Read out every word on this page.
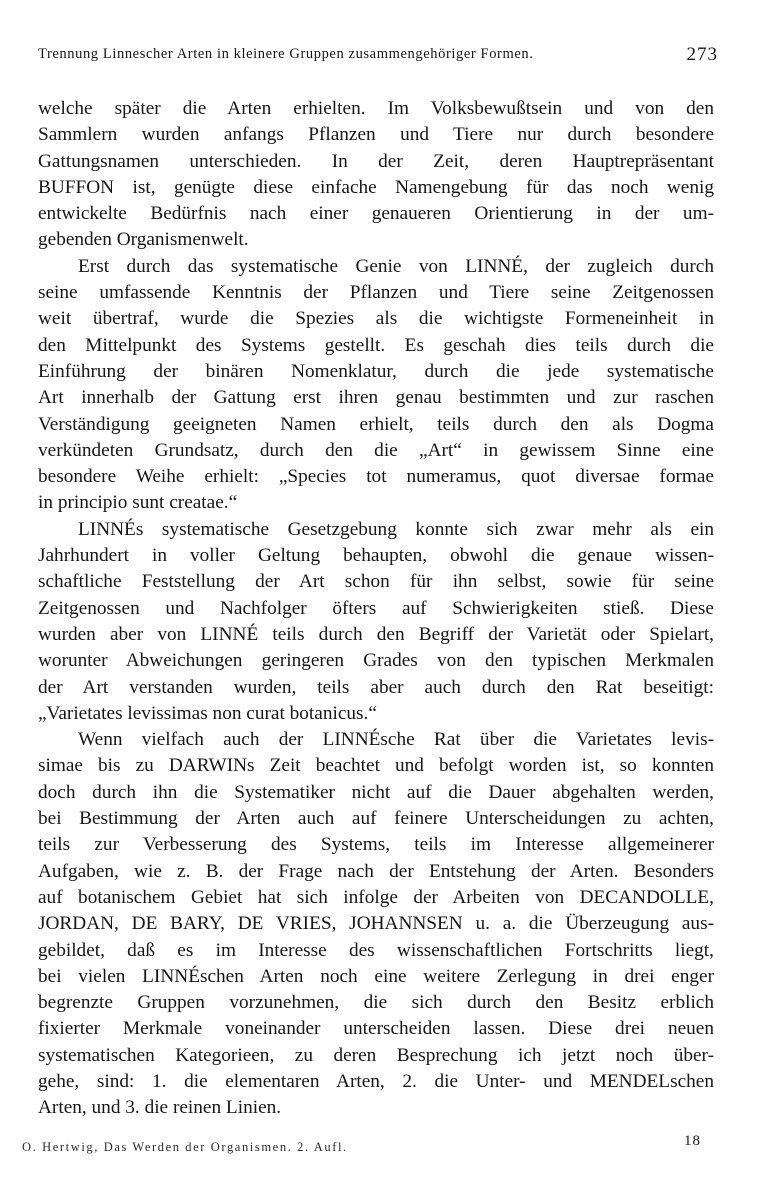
Trennung Linnescher Arten in kleinere Gruppen zusammengehöriger Formen.	273
welche später die Arten erhielten. Im Volksbewußtsein und von den
Sammlern wurden anfangs Pflanzen und Tiere nur durch besondere
Gattungsnamen unterschieden. In der Zeit, deren Hauptrepräsentant
BUFFON ist, genügte diese einfache Namengebung für das noch wenig
entwickelte Bedürfnis nach einer genaueren Orientierung in der um-
gebenden Organismenwelt.
Erst durch das systematische Genie von LINNÉ, der zugleich durch
seine umfassende Kenntnis der Pflanzen und Tiere seine Zeitgenossen
weit übertraf, wurde die Spezies als die wichtigste Formeneinheit in
den Mittelpunkt des Systems gestellt. Es geschah dies teils durch die
Einführung der binären Nomenklatur, durch die jede systematische
Art innerhalb der Gattung erst ihren genau bestimmten und zur raschen
Verständigung geeigneten Namen erhielt, teils durch den als Dogma
verkündeten Grundsatz, durch den die „Art“ in gewissem Sinne eine
besondere Weihe erhielt: „Species tot numeramus, quot diversae formae
in principio sunt creatae.“
LINNÉs systematische Gesetzgebung konnte sich zwar mehr als ein
Jahrhundert in voller Geltung behaupten, obwohl die genaue wissen-
schaftliche Feststellung der Art schon für ihn selbst, sowie für seine
Zeitgenossen und Nachfolger öfters auf Schwierigkeiten stieß. Diese
wurden aber von LINNÉ teils durch den Begriff der Varietät oder Spielart,
worunter Abweichungen geringeren Grades von den typischen Merkmalen
der Art verstanden wurden, teils aber auch durch den Rat beseitigt:
„Varietates levissimas non curat botanicus.“
Wenn vielfach auch der LINNÉsche Rat über die Varietates levis-
simae bis zu DARWINs Zeit beachtet und befolgt worden ist, so konnten
doch durch ihn die Systematiker nicht auf die Dauer abgehalten werden,
bei Bestimmung der Arten auch auf feinere Unterscheidungen zu achten,
teils zur Verbesserung des Systems, teils im Interesse allgemeinerer
Aufgaben, wie z. B. der Frage nach der Entstehung der Arten. Besonders
auf botanischem Gebiet hat sich infolge der Arbeiten von DECANDOLLE,
JORDAN, DE BARY, DE VRIES, JOHANNSEN u. a. die Überzeugung aus-
gebildet, daß es im Interesse des wissenschaftlichen Fortschritts liegt,
bei vielen LINNÉschen Arten noch eine weitere Zerlegung in drei enger
begrenzte Gruppen vorzunehmen, die sich durch den Besitz erblich
fixierter Merkmale voneinander unterscheiden lassen. Diese drei neuen
systematischen Kategorieen, zu deren Besprechung ich jetzt noch über-
gehe, sind: 1. die elementaren Arten, 2. die Unter- und MENDELschen
Arten, und 3. die reinen Linien.
O. Hertwig, Das Werden der Organismen. 2. Aufl.	18
